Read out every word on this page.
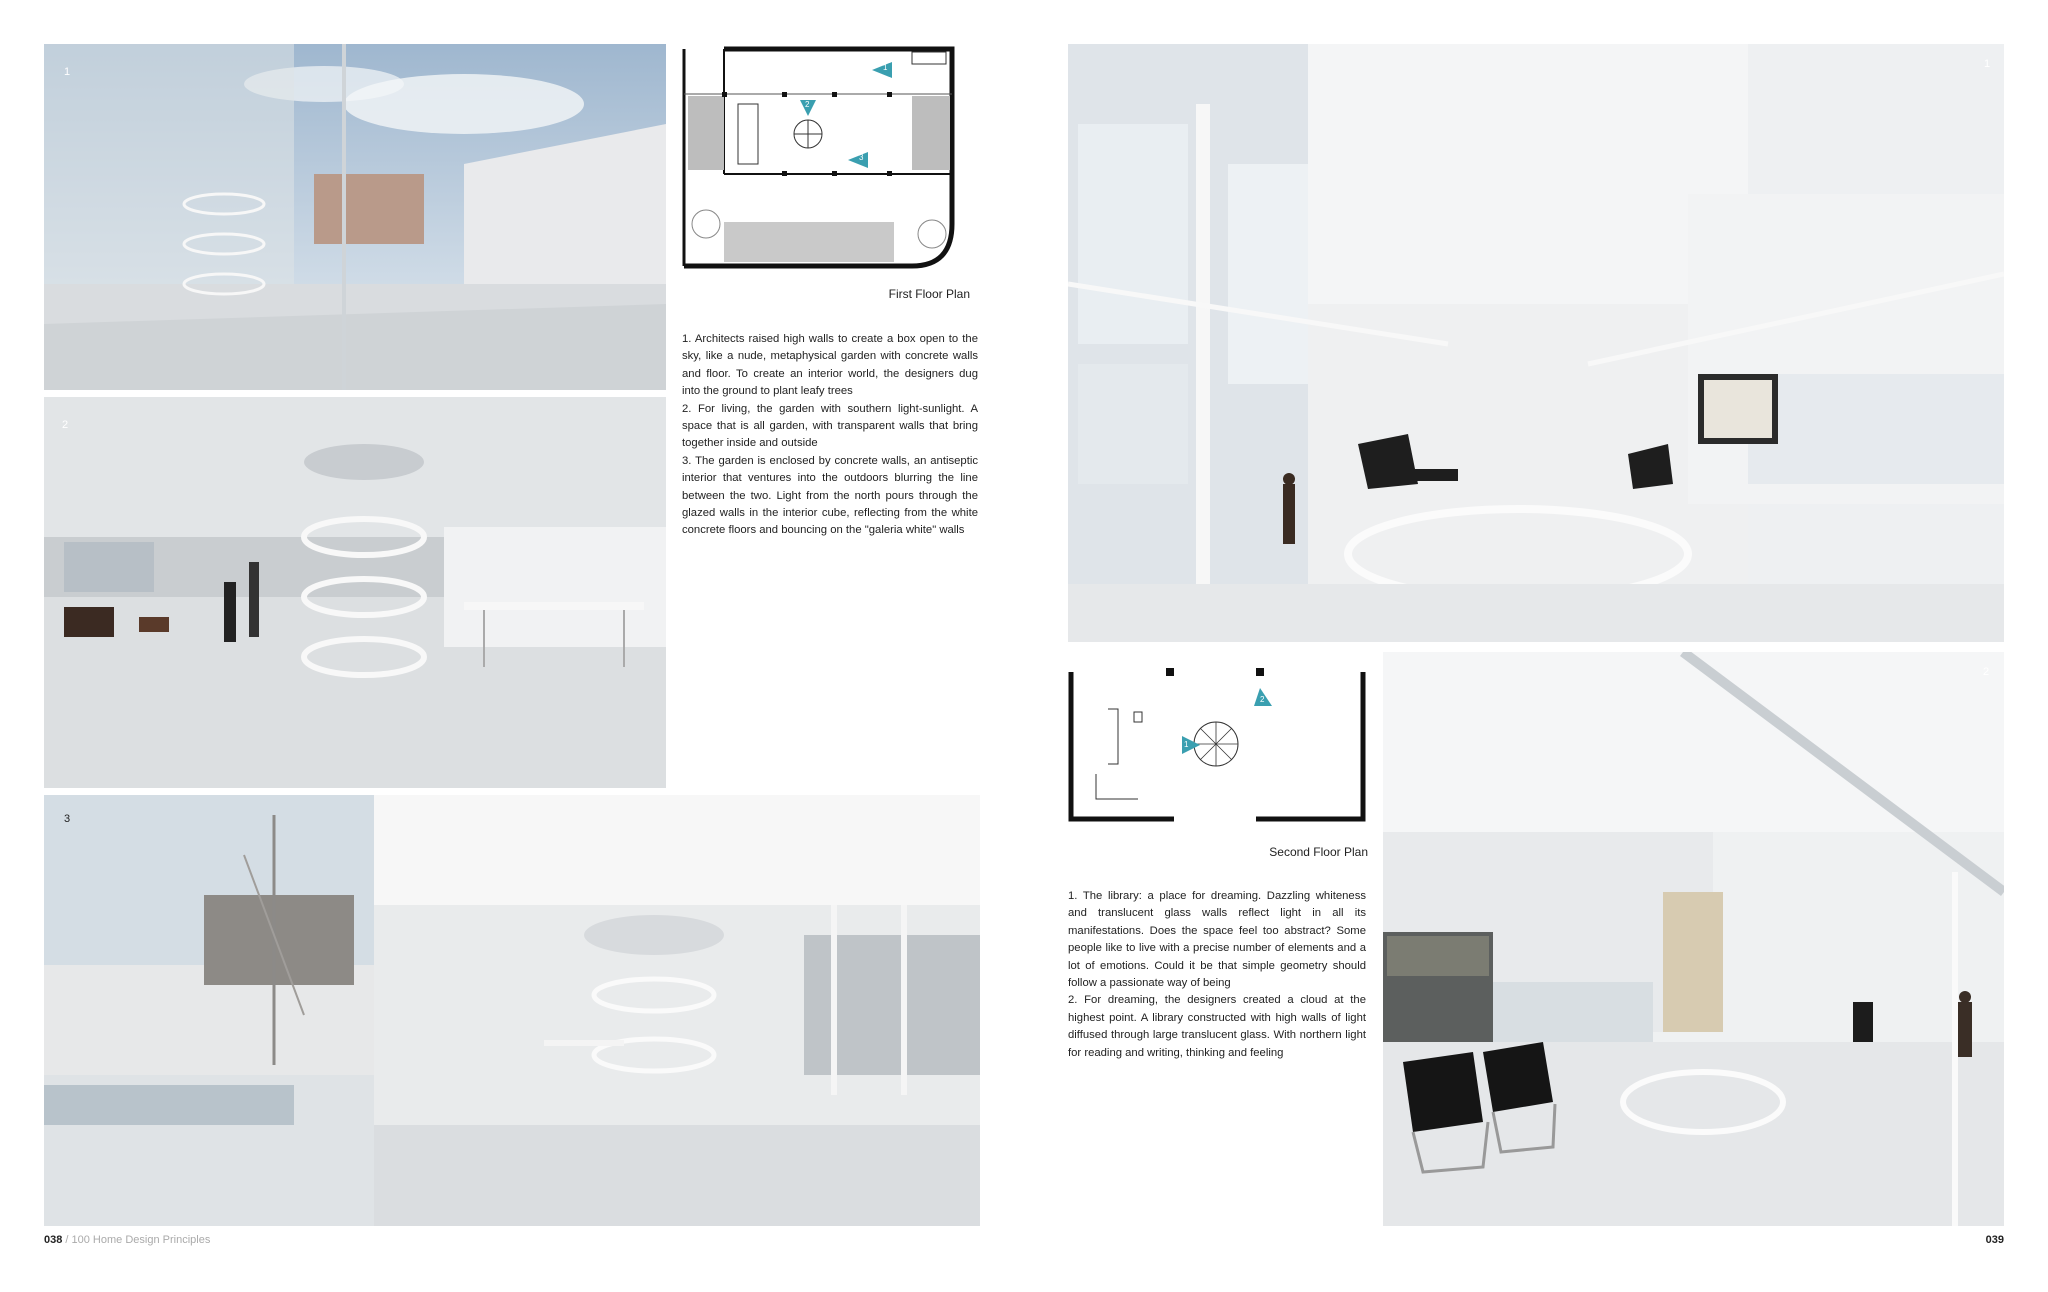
1
2
3
1
2
3
First Floor Plan

1. Architects raised high walls to create a box open to the sky, like a nude, metaphysical garden with concrete walls and floor. To create an interior world, the designers dug into the ground to plant leafy trees

2. For living, the garden with southern light-sunlight. A space that is all garden, with transparent walls that bring together inside and outside

3. The garden is enclosed by concrete walls, an antiseptic interior that ventures into the outdoors blurring the line between the two. Light from the north pours through the glazed walls in the interior cube, reflecting from the white concrete floors and bouncing on the "galeria white" walls

038 / 100 Home Design Principles
1
1
2
Second Floor Plan

1. The library: a place for dreaming. Dazzling whiteness and translucent glass walls reflect light in all its manifestations. Does the space feel too abstract? Some people like to live with a precise number of elements and a lot of emotions. Could it be that simple geometry should follow a passionate way of being

2. For dreaming, the designers created a cloud at the highest point. A library constructed with high walls of light diffused through large translucent glass. With northern light for reading and writing, thinking and feeling

2
039
